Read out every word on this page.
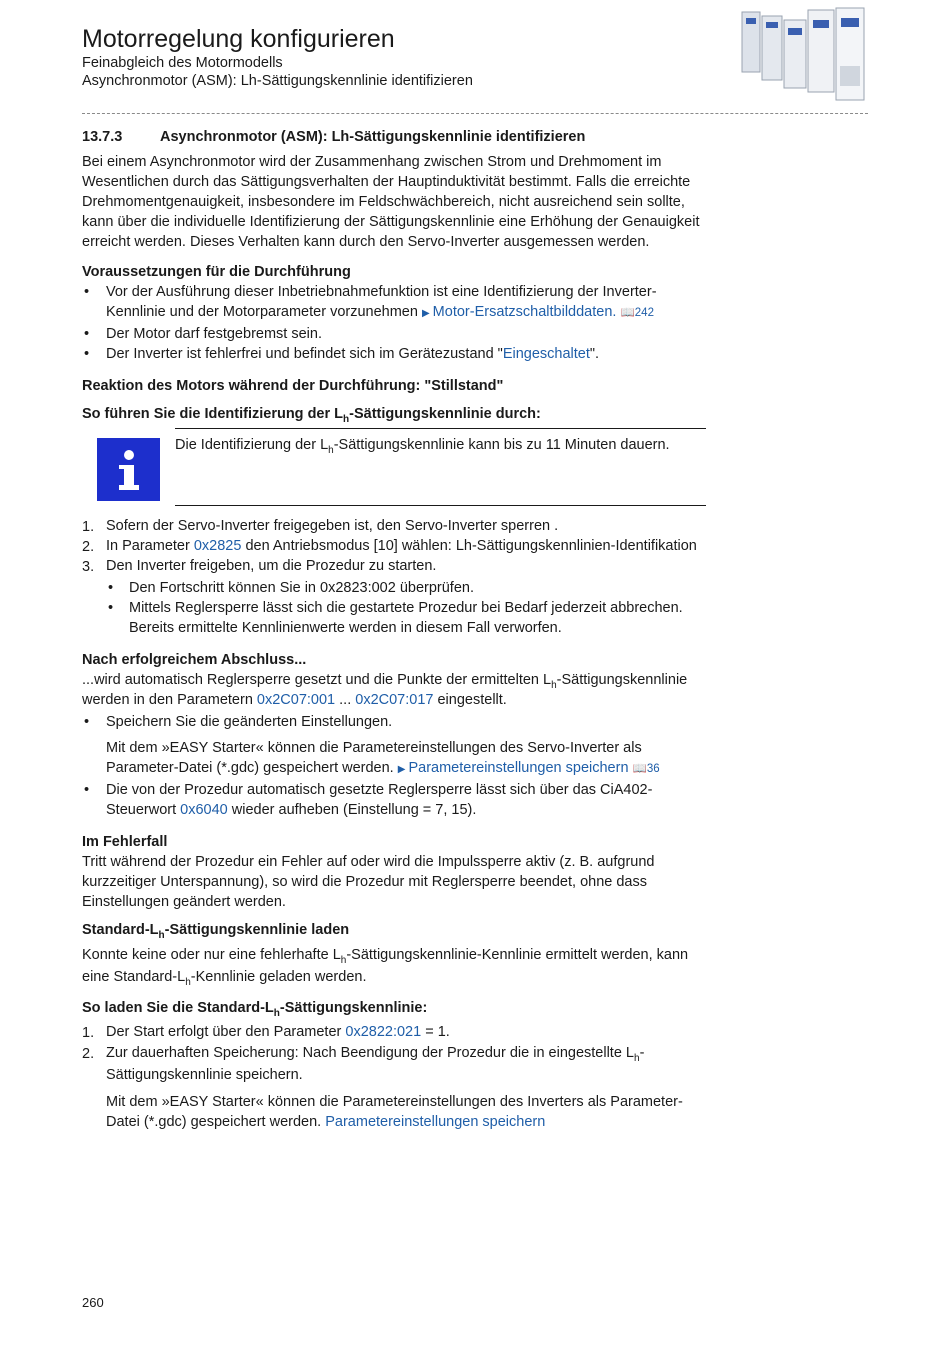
Motorregelung konfigurieren
Feinabgleich des Motormodells
Asynchronmotor (ASM): Lh-Sättigungskennlinie identifizieren
13.7.3	Asynchronmotor (ASM): Lh-Sättigungskennlinie identifizieren

Bei einem Asynchronmotor wird der Zusammenhang zwischen Strom und Drehmoment im Wesentlichen durch das Sättigungsverhalten der Hauptinduktivität bestimmt. Falls die erreichte Drehmomentgenauigkeit, insbesondere im Feldschwächbereich, nicht ausreichend sein sollte, kann über die individuelle Identifizierung der Sättigungskennlinie eine Erhöhung der Genauigkeit erreicht werden. Dieses Verhalten kann durch den Servo-Inverter ausgemessen werden.

Voraussetzungen für die Durchführung
• Vor der Ausführung dieser Inbetriebnahmefunktion ist eine Identifizierung der Inverter-Kennlinie und der Motorparameter vorzunehmen ▶ Motor-Ersatzschaltbilddaten. 📖242
• Der Motor darf festgebremst sein.
• Der Inverter ist fehlerfrei und befindet sich im Gerätezustand "Eingeschaltet".
Reaktion des Motors während der Durchführung: "Stillstand"
So führen Sie die Identifizierung der $L_h$-Sättigungskennlinie durch:
Die Identifizierung der $L_h$-Sättigungskennlinie kann bis zu 11 Minuten dauern.
1. Sofern der Servo-Inverter freigegeben ist, den Servo-Inverter sperren .
2. In Parameter 0x2825 den Antriebsmodus [10] wählen: Lh-Sättigungskennlinien-Identifikation
3. Den Inverter freigeben, um die Prozedur zu starten.
• Den Fortschritt können Sie in 0x2823:002 überprüfen.
• Mittels Reglersperre lässt sich die gestartete Prozedur bei Bedarf jederzeit abbrechen. Bereits ermittelte Kennlinienwerte werden in diesem Fall verworfen.
Nach erfolgreichem Abschluss...

...wird automatisch Reglersperre gesetzt und die Punkte der ermittelten $L_h$-Sättigungskennlinie werden in den Parametern 0x2C07:001 ... 0x2C07:017 eingestellt.

• Speichern Sie die geänderten Einstellungen.
Mit dem »EASY Starter« können die Parametereinstellungen des Servo-Inverter als Parameter-Datei (*.gdc) gespeichert werden. ▶ Parametereinstellungen speichern 📖36
• Die von der Prozedur automatisch gesetzte Reglersperre lässt sich über das CiA402-Steuerwort 0x6040 wieder aufheben (Einstellung = 7, 15).
Im Fehlerfall

Tritt während der Prozedur ein Fehler auf oder wird die Impulssperre aktiv (z. B. aufgrund kurzzeitiger Unterspannung), so wird die Prozedur mit Reglersperre beendet, ohne dass Einstellungen geändert werden.

Standard-$L_h$-Sättigungskennlinie laden

Konnte keine oder nur eine fehlerhafte $L_h-Sättigungskennlinie$-Kennlinie ermittelt werden, kann eine Standard-$L_h$-Kennlinie geladen werden.

So laden Sie die Standard-$L_h$-Sättigungskennlinie:
1. Der Start erfolgt über den Parameter 0x2822:021 = 1.
2. Zur dauerhaften Speicherung: Nach Beendigung der Prozedur die in eingestellte $L_h$-Sättigungskennlinie speichern.
Mit dem »EASY Starter« können die Parametereinstellungen des Inverters als Parameter-Datei (*.gdc) gespeichert werden. Parametereinstellungen speichern
260
